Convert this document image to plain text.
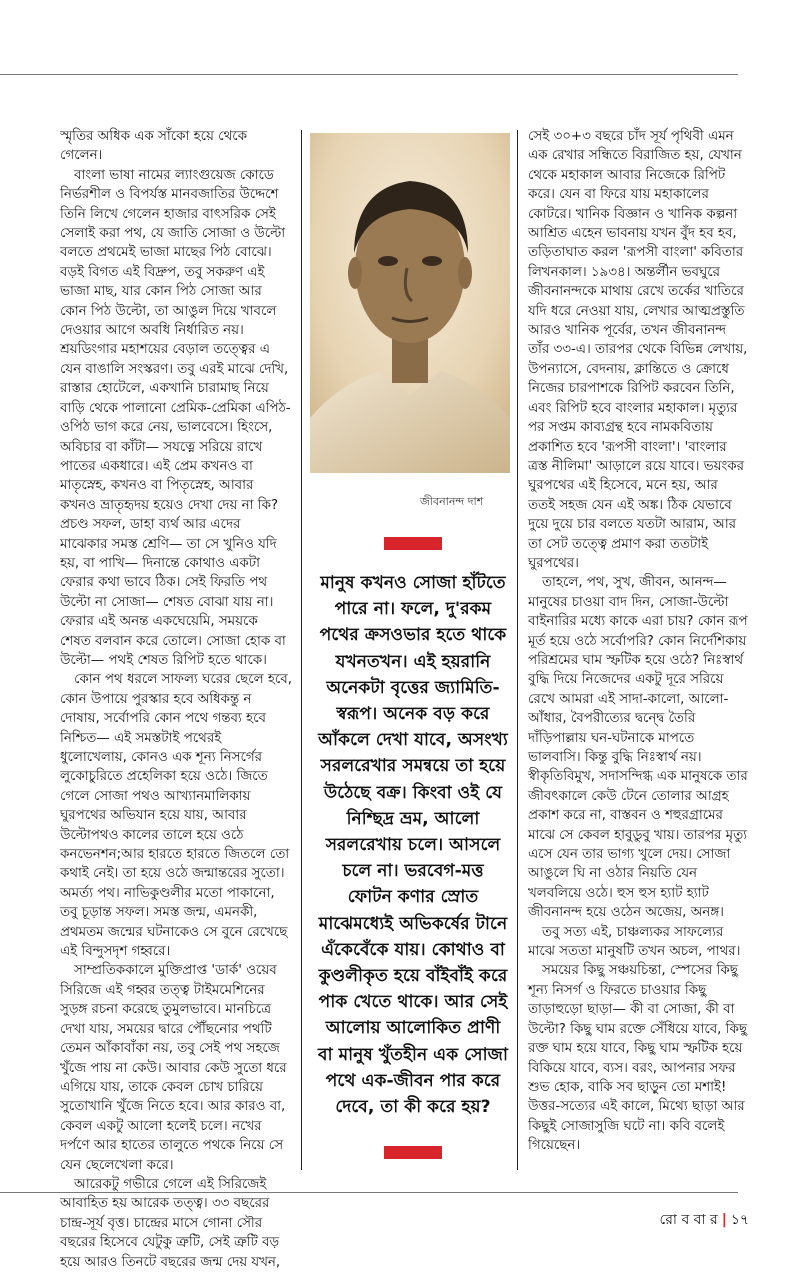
স্মৃতির অধিক এক সাঁকো হয়ে থেকে গেলেন।

বাংলা ভাষা নামের ল্যাংগুয়েজ কোডে নির্ভরশীল ও বিপর্যস্ত মানবজাতির উদ্দেশে তিনি লিখে গেলেন হাজার বাৎসরিক সেই সেলাই করা পথ, যে জাতি সোজা ও উল্টো বলতে প্রথমেই ভাজা মাছের পিঠ বোঝে। বড়ই বিগত এই বিদ্রুপ, তবু সকরুণ এই ভাজা মাছ, যার কোন পিঠ সোজা আর কোন পিঠ উল্টো, তা আঙুল দিয়ে খাবলে দেওয়ার আগে অবধি নির্ধারিত নয়। শ্রয়ডিংগার মহাশয়ের বেড়াল তত্ত্বের এ যেন বাঙালি সংস্করণ। তবু এরই মাঝে দেখি, রাস্তার হোটেলে, একখানি চারামাছ নিয়ে বাড়ি থেকে পালানো প্রেমিক-প্রেমিকা এপিঠ-ওপিঠ ভাগ করে নেয়, ভালবেসে। হিংসে, অবিচার বা কাঁটা— সযত্নে সরিয়ে রাখে পাতের একধারে। এই প্রেম কখনও বা মাতৃস্নেহ, কখনও বা পিতৃস্নেহ, আবার কখনও ভ্রাতৃহৃদয় হয়েও দেখা দেয় না কি? প্রচণ্ড সফল, ডাহা ব্যর্থ আর এদের মাঝেকার সমস্ত শ্রেণি— তা সে খুনিও যদি হয়, বা পাখি— দিনান্তে কোথাও একটা ফেরার কথা ভাবে ঠিক। সেই ফিরতি পথ উল্টো না সোজা— শেষত বোঝা যায় না। ফেরার এই অনন্ত একঘেয়েমি, সময়কে শেষত বলবান করে তোলে। সোজা হোক বা উল্টো— পথই শেষত রিপিট হতে থাকে।

কোন পথ ধরলে সাফল্য ঘরের ছেলে হবে, কোন উপায়ে পুরস্কার হবে অধিকন্তু ন দোষায়, সর্বোপরি কোন পথে গন্তব্য হবে নিশ্চিত— এই সমস্তটাই পথেরই ধুলোখেলায়, কোনও এক শূন্য নিসর্গের লুকোচুরিতে প্রহেলিকা হয়ে ওঠে। জিতে গেলে সোজা পথও আখ্যানমালিকায় ঘুরপথের অভিযান হয়ে যায়, আবার উল্টোপথও কালের তালে হয়ে ওঠে কনভেনশন;আর হারতে হারতে জিতলে তো কথাই নেই। তা হয়ে ওঠে জন্মান্তরের সুতো। অমর্ত্য পথ। নাভিকুণ্ডলীর মতো পাকানো, তবু চূড়ান্ত সফল। সমস্ত জন্ম, এমনকী, প্রথমতম জন্মের ঘটনাকেও সে বুনে রেখেছে এই বিন্দুসদৃশ গহ্বরে।

সাম্প্রতিককালে মুক্তিপ্রাপ্ত 'ডার্ক' ওয়েব সিরিজে এই গহ্বর তত্ত্ব টাইমমেশিনের সুড়ঙ্গ রচনা করেছে তুমুলভাবে। মানচিত্রে দেখা যায়, সময়ের দ্বারে পৌঁছনোর পথটি তেমন আঁকাবাঁকা নয়, তবু সেই পথ সহজে খুঁজে পায় না কেউ। আবার কেউ সুতো ধরে এগিয়ে যায়, তাকে কেবল চোখ চারিয়ে সুতোখানি খুঁজে নিতে হবে। আর কারও বা, কেবল একটু আলো হলেই চলে। নখের দর্পণে আর হাতের তালুতে পথকে নিয়ে সে যেন ছেলেখেলা করে।

আরেকটু গভীরে গেলে এই সিরিজেই আবাহিত হয় আরেক তত্ত্ব। ৩৩ বছরের চান্দ্র-সূর্য বৃত্ত। চান্দ্রের মাসে গোনা সৌর বছরের হিসেবে যেটুকু ত্রুটি, সেই ত্রুটি বড় হয়ে আরও তিনটে বছরের জন্ম দেয় যখন,

জীবনানন্দ দাশ
মানুষ কখনও সোজা হাঁটতে পারে না। ফলে, দু'রকম পথের ক্রসওভার হতে থাকে যখনতখন। এই হয়রানি অনেকটা বৃত্তের জ্যামিতি-স্বরূপ। অনেক বড় করে আঁকলে দেখা যাবে, অসংখ্য সরলরেখার সমন্বয়ে তা হয়ে উঠেছে বক্র। কিংবা ওই যে নিশ্ছিদ্র ভ্রম, আলো সরলরেখায় চলে। আসলে চলে না। ভরবেগ-মত্ত ফোটন কণার স্রোত মাঝেমধ্যেই অভিকর্ষের টানে এঁকেবেঁকে যায়। কোথাও বা কুণ্ডলীকৃত হয়ে বাঁইবাঁই করে পাক খেতে থাকে। আর সেই আলোয় আলোকিত প্রাণী বা মানুষ খুঁতহীন এক সোজা পথে এক-জীবন পার করে দেবে, তা কী করে হয়?

সেই ৩০+৩ বছরে চাঁদ সূর্য পৃথিবী এমন এক রেখার সন্ধিতে বিরাজিত হয়, যেখান থেকে মহাকাল আবার নিজেকে রিপিট করে। যেন বা ফিরে যায় মহাকালের কোটরে। খানিক বিজ্ঞান ও খানিক কল্পনা আশ্রিত এহেন ভাবনায় যখন বুঁদ হব হব, তড়িতাঘাত করল 'রূপসী বাংলা' কবিতার লিখনকাল। ১৯৩৪। অন্তর্লীন ভবঘুরে জীবনানন্দকে মাথায় রেখে তর্কের খাতিরে যদি ধরে নেওয়া যায়, লেখার আত্মপ্রস্তুতি আরও খানিক পূর্বের, তখন জীবনানন্দ তাঁর ৩৩-এ। তারপর থেকে বিভিন্ন লেখায়, উপন্যাসে, বেদনায়, ক্লান্তিতে ও ক্রোধে নিজের চারপাশকে রিপিট করবেন তিনি, এবং রিপিট হবে বাংলার মহাকাল। মৃত্যুর পর সপ্তম কাব্যগ্রন্থ হবে নামকবিতায় প্রকাশিত হবে 'রূপসী বাংলা'। 'বাংলার ত্রস্ত নীলিমা' আড়ালে রয়ে যাবে। ভয়ংকর ঘুরপথের এই হিসেবে, মনে হয়, আর ততই সহজ যেন এই অঙ্ক। ঠিক যেভাবে দুয়ে দুয়ে চার বলতে যতটা আরাম, আর তা সেট তত্ত্বে প্রমাণ করা ততটাই ঘুরপথের।

তাহলে, পথ, সুখ, জীবন, আনন্দ— মানুষের চাওয়া বাদ দিন, সোজা-উল্টো বাইনারির মধ্যে কাকে এরা চায়? কোন রূপ মূর্ত হয়ে ওঠে সর্বোপরি? কোন নির্দেশিকায় পরিশ্রমের ঘাম স্ফটিক হয়ে ওঠে? নিঃস্বার্থ বুদ্ধি দিয়ে নিজেদের একটু দূরে সরিয়ে রেখে আমরা এই সাদা-কালো, আলো-আঁধার, বৈপরীত্যের দ্বন্দ্বে তৈরি দাঁড়িপাল্লায় ঘন-ঘটনাকে মাপতে ভালবাসি। কিন্তু বুদ্ধি নিঃস্বার্থ নয়। স্বীকৃতিবিমুখ, সদাসন্দিগ্ধ এক মানুষকে তার জীবৎকালে কেউ টেনে তোলার আগ্রহ প্রকাশ করে না, বাস্তবন ও শহুরগ্রামের মাঝে সে কেবল হাবুডুবু খায়। তারপর মৃত্যু এসে যেন তার ভাগ্য খুলে দেয়। সোজা আঙুলে ঘি না ওঠার নিয়তি যেন খলবলিয়ে ওঠে। হুস হুস হ্যাট হ্যাট জীবনানন্দ হয়ে ওঠেন অজেয়, অনঙ্গ।

তবু সত্য এই, চাঞ্চল্যকর সাফল্যের মাঝে সততা মানুষটি তখন অচল, পাথর।

সময়ের কিছু সঞ্চয়চিন্তা, স্পেসের কিছু শূন্য নিসর্গ ও ফিরতে চাওয়ার কিছু তাড়াহুড়ো ছাড়া— কী বা সোজা, কী বা উল্টো? কিছু ঘাম রক্তে সেঁধিয়ে যাবে, কিছু রক্ত ঘাম হয়ে যাবে, কিছু ঘাম স্ফটিক হয়ে বিকিয়ে যাবে, ব্যস। বরং, আপনার সফর শুভ হোক, বাকি সব ছাড়ুন তো মশাই! উত্তর-সত্যের এই কালে, মিথ্যে ছাড়া আর কিছুই সোজাসুজি ঘটে না। কবি বলেই গিয়েছেন।

রো ব বা র | ১৭
